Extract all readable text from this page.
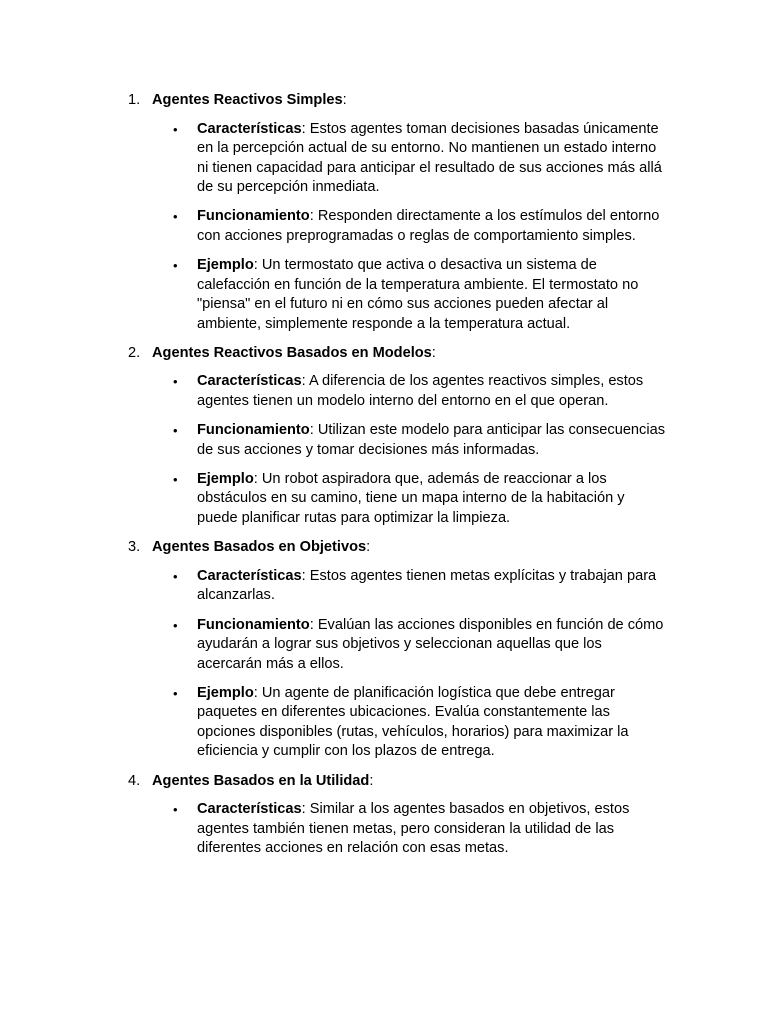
1. Agentes Reactivos Simples:
• Características: Estos agentes toman decisiones basadas únicamente en la percepción actual de su entorno. No mantienen un estado interno ni tienen capacidad para anticipar el resultado de sus acciones más allá de su percepción inmediata.
• Funcionamiento: Responden directamente a los estímulos del entorno con acciones preprogramadas o reglas de comportamiento simples.
• Ejemplo: Un termostato que activa o desactiva un sistema de calefacción en función de la temperatura ambiente. El termostato no "piensa" en el futuro ni en cómo sus acciones pueden afectar al ambiente, simplemente responde a la temperatura actual.
2. Agentes Reactivos Basados en Modelos:
• Características: A diferencia de los agentes reactivos simples, estos agentes tienen un modelo interno del entorno en el que operan.
• Funcionamiento: Utilizan este modelo para anticipar las consecuencias de sus acciones y tomar decisiones más informadas.
• Ejemplo: Un robot aspiradora que, además de reaccionar a los obstáculos en su camino, tiene un mapa interno de la habitación y puede planificar rutas para optimizar la limpieza.
3. Agentes Basados en Objetivos:
• Características: Estos agentes tienen metas explícitas y trabajan para alcanzarlas.
• Funcionamiento: Evalúan las acciones disponibles en función de cómo ayudarán a lograr sus objetivos y seleccionan aquellas que los acercarán más a ellos.
• Ejemplo: Un agente de planificación logística que debe entregar paquetes en diferentes ubicaciones. Evalúa constantemente las opciones disponibles (rutas, vehículos, horarios) para maximizar la eficiencia y cumplir con los plazos de entrega.
4. Agentes Basados en la Utilidad:
• Características: Similar a los agentes basados en objetivos, estos agentes también tienen metas, pero consideran la utilidad de las diferentes acciones en relación con esas metas.
